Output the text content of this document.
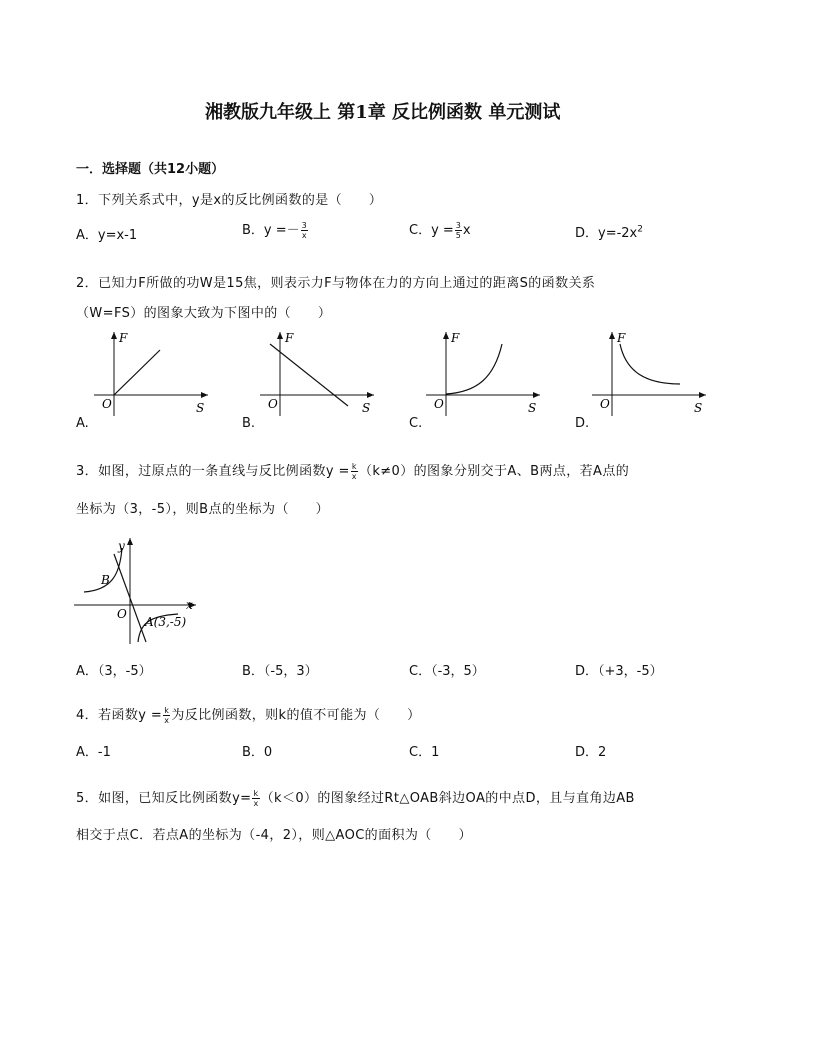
湘教版九年级上 第1章 反比例函数 单元测试
一．选择题（共12小题）
1．下列关系式中，y是x的反比例函数的是（　　）
A．y=x-1	B．$y =- \frac{3}{x}$	C．$y = \frac{3}{5}$ x	D．$y=-2x^2$
2．已知力F所做的功W是15焦，则表示力F与物体在力的方向上通过的距离S的函数关系
（W=FS）的图象大致为下图中的（　　）
F
S
O
A.
F
S
O
B.
F
S
O
C.
F
S
O
D.
3．如图，过原点的一条直线与反比例函数$y = \frac{k}{x} (k\ne 0)$的图象分别交于A、B两点，若A点的
坐标为（3，-5），则B点的坐标为（　　）
y
x
O
B
A(3,-5)
A．（3，-5）	B．（-5，3）	C．（-3，5）	D．（+3，-5）
4．若函数$y = \frac{k}{x}$ 为反比例函数，则k的值不可能为（　　）
A．-1	B．0	C．1	D．2
5．如图，已知反比例函数$y= \frac{k}{x} (k<0)$的图象经过Rt△OAB斜边OA的中点D，且与直角边AB
相交于点C．若点A的坐标为（-4，2），则△AOC的面积为（　　）
